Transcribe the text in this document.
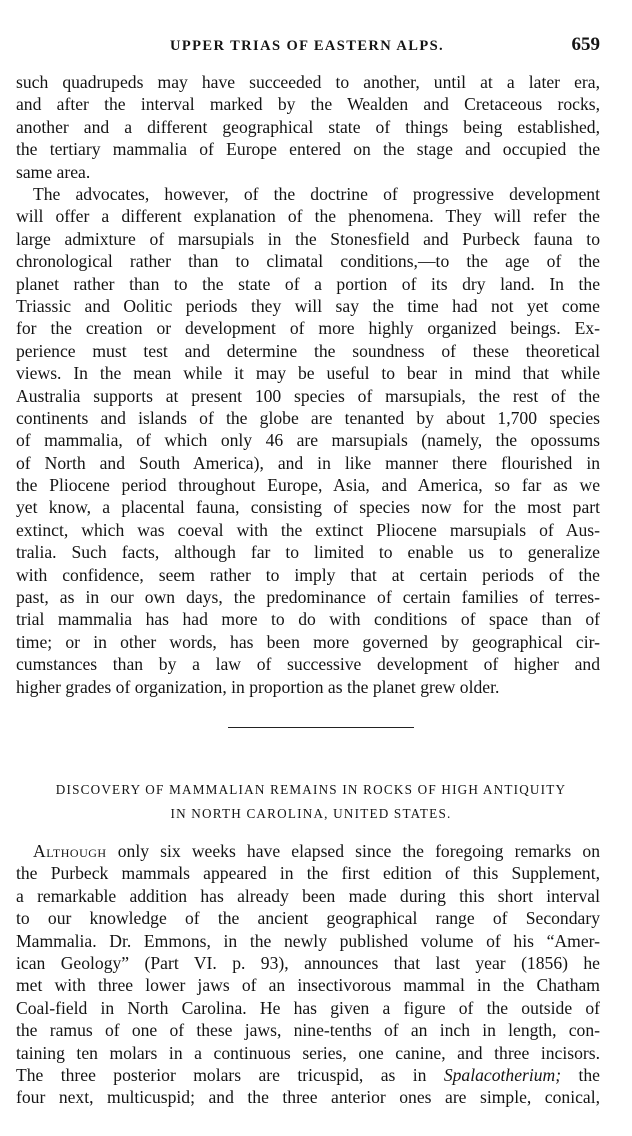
UPPER TRIAS OF EASTERN ALPS.	659
such quadrupeds may have succeeded to another, until at a later era,
and after the interval marked by the Wealden and Cretaceous rocks,
another and a different geographical state of things being established,
the tertiary mammalia of Europe entered on the stage and occupied the
same area.
The advocates, however, of the doctrine of progressive development
will offer a different explanation of the phenomena. They will refer the
large admixture of marsupials in the Stonesfield and Purbeck fauna to
chronological rather than to climatal conditions,—to the age of the
planet rather than to the state of a portion of its dry land. In the
Triassic and Oolitic periods they will say the time had not yet come
for the creation or development of more highly organized beings. Ex-
perience must test and determine the soundness of these theoretical
views. In the mean while it may be useful to bear in mind that while
Australia supports at present 100 species of marsupials, the rest of the
continents and islands of the globe are tenanted by about 1,700 species
of mammalia, of which only 46 are marsupials (namely, the opossums
of North and South America), and in like manner there flourished in
the Pliocene period throughout Europe, Asia, and America, so far as we
yet know, a placental fauna, consisting of species now for the most part
extinct, which was coeval with the extinct Pliocene marsupials of Aus-
tralia. Such facts, although far to limited to enable us to generalize
with confidence, seem rather to imply that at certain periods of the
past, as in our own days, the predominance of certain families of terres-
trial mammalia has had more to do with conditions of space than of
time; or in other words, has been more governed by geographical cir-
cumstances than by a law of successive development of higher and
higher grades of organization, in proportion as the planet grew older.
DISCOVERY OF MAMMALIAN REMAINS IN ROCKS OF HIGH ANTIQUITY
IN NORTH CAROLINA, UNITED STATES.
Although only six weeks have elapsed since the foregoing remarks on
the Purbeck mammals appeared in the first edition of this Supplement,
a remarkable addition has already been made during this short interval
to our knowledge of the ancient geographical range of Secondary
Mammalia. Dr. Emmons, in the newly published volume of his “Amer-
ican Geology” (Part VI. p. 93), announces that last year (1856) he
met with three lower jaws of an insectivorous mammal in the Chatham
Coal-field in North Carolina. He has given a figure of the outside of
the ramus of one of these jaws, nine-tenths of an inch in length, con-
taining ten molars in a continuous series, one canine, and three incisors.
The three posterior molars are tricuspid, as in Spalacotherium; the
four next, multicuspid; and the three anterior ones are simple, conical,
